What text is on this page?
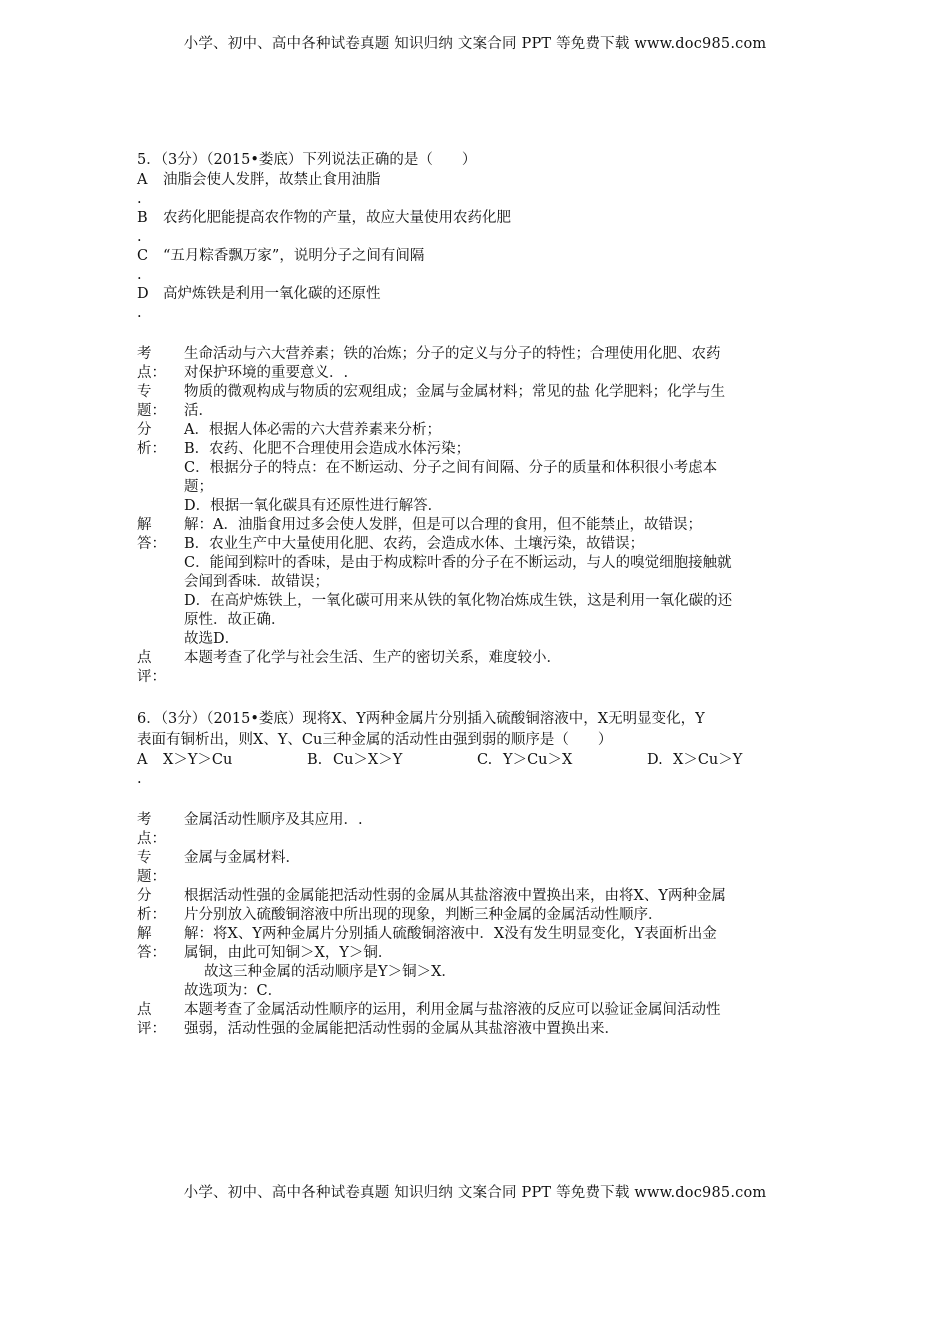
小学、初中、高中各种试卷真题 知识归纳 文案合同 PPT 等免费下载 www.doc985.com
5．（3分）（2015•娄底）下列说法正确的是（　　）
A	油脂会使人发胖，故禁止食用油脂
.
B	农药化肥能提高农作物的产量，故应大量使用农药化肥
.
C	“五月粽香飘万家”，说明分子之间有间隔
.
D 高炉炼铁是利用一氧化碳的还原性
.
考
点：
生命活动与六大营养素；铁的冶炼；分子的定义与分子的特性；合理使用化肥、农药
对保护环境的重要意义．.
专
题：
物质的微观构成与物质的宏观组成；金属与金属材料；常见的盐 化学肥料；化学与生
活．
分
析：
A．根据人体必需的六大营养素来分析；
B．农药、化肥不合理使用会造成水体污染；
C．根据分子的特点：在不断运动、分子之间有间隔、分子的质量和体积很小考虑本
题；
D．根据一氧化碳具有还原性进行解答．
解
答：
解：A．油脂食用过多会使人发胖，但是可以合理的食用，但不能禁止，故错误；
B．农业生产中大量使用化肥、农药，会造成水体、土壤污染，故错误；
C．能闻到粽叶的香味，是由于构成粽叶香的分子在不断运动，与人的嗅觉细胞接触就
会闻到香味．故错误；
D．在高炉炼铁上，一氧化碳可用来从铁的氧化物冶炼成生铁，这是利用一氧化碳的还
原性．故正确．
故选D．
点
评：
本题考查了化学与社会生活、生产的密切关系，难度较小．
6．（3分）（2015•娄底）现将X、Y两种金属片分别插入硫酸铜溶液中，X无明显变化，Y
表面有铜析出，则X、Y、Cu三种金属的活动性由强到弱的顺序是（　　）
A	X＞Y＞Cu	B. Cu＞X＞Y	C. Y＞Cu＞X	D. X＞Cu＞Y
.
考
点：
金属活动性顺序及其应用．.
专
题：
金属与金属材料．
分
析：
根据活动性强的金属能把活动性弱的金属从其盐溶液中置换出来，由将X、Y两种金属
片分别放入硫酸铜溶液中所出现的现象，判断三种金属的金属活动性顺序．
解
答：
解：将X、Y两种金属片分别插人硫酸铜溶液中．X没有发生明显变化，Y表面析出金
属铜，由此可知铜＞X，Y＞铜．
故这三种金属的活动顺序是Y＞铜＞X．
故选项为：C．
点
评：
本题考查了金属活动性顺序的运用，利用金属与盐溶液的反应可以验证金属间活动性
强弱，活动性强的金属能把活动性弱的金属从其盐溶液中置换出来．
小学、初中、高中各种试卷真题 知识归纳 文案合同 PPT 等免费下载 www.doc985.com
